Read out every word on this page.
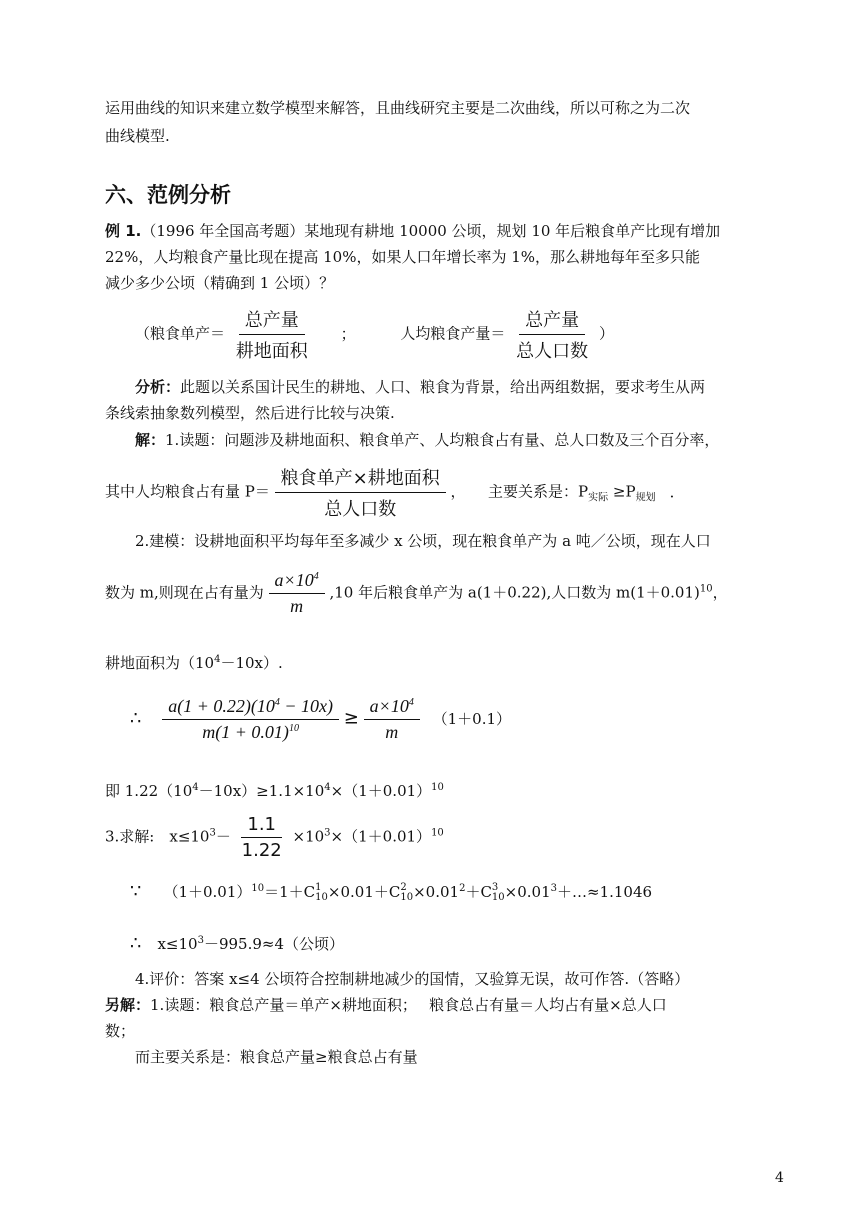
运用曲线的知识来建立数学模型来解答，且曲线研究主要是二次曲线，所以可称之为二次
曲线模型.
六、范例分析
例 1.（1996 年全国高考题）某地现有耕地 10000 公顷，规划 10 年后粮食单产比现有增加
22%，人均粮食产量比现在提高 10%，如果人口年增长率为 1%，那么耕地每年至多只能
减少多少公顷（精确到 1 公顷）？
（粮食单产＝ $\frac{\text{总产量}}{\text{耕地面积}}$ ；	人均粮食产量＝ $\frac{\text{总产量}}{\text{总人口数}}$ ）
分析：此题以关系国计民生的耕地、人口、粮食为背景，给出两组数据，要求考生从两
条线索抽象数列模型，然后进行比较与决策.
解：1.读题：问题涉及耕地面积、粮食单产、人均粮食占有量、总人口数及三个百分率，
其中人均粮食占有量 $P= \frac{\text{粮食单产×耕地面积}}{\text{总人口数}}$ ，　　主要关系是：$P_{实际} \ge P_{规划}$ ．
2.建模：设耕地面积平均每年至多减少 x 公顷，现在粮食单产为 a 吨／公顷，现在人口
数为 m,则现在占有量为 $\frac{a\times 10^4}{m} ,10$ 年后粮食单产为 a(1＋0.22),人口数为 $m(1+0.01)^{10}$，
耕地面积为$(10^4-10x)$.
∴ $\frac{a(1 + 0.22)(10^4 - 10x)}{m(1 + 0.01)^{10}} \ge \frac{a\times 10^4}{m} (1+0.1)$
即 $1.22(10^4-10x)\ge 1.1\times 10^4\times(1+0.01)^{10}$
3.求解:　$x\le 10^3- \frac{1.1}{1.22} \times 10^3\times(1+0.01)^{10}$
∵ $(1+0.01)^{10}=1+C$ 1
10 ×0.01＋C 2
$10 \times 0.01^2+C$ 3
$10 \times 0.01^3+\dots\approx 1.1046$
∴ $x\le 10^3-995.9\approx 4$（公顷）
4.评价：答案 x≤4 公顷符合控制耕地减少的国情，又验算无误，故可作答.（答略）
另解：1.读题：粮食总产量＝单产×耕地面积；　 粮食总占有量＝人均占有量×总人口
数；
而主要关系是：粮食总产量≥粮食总占有量
4
